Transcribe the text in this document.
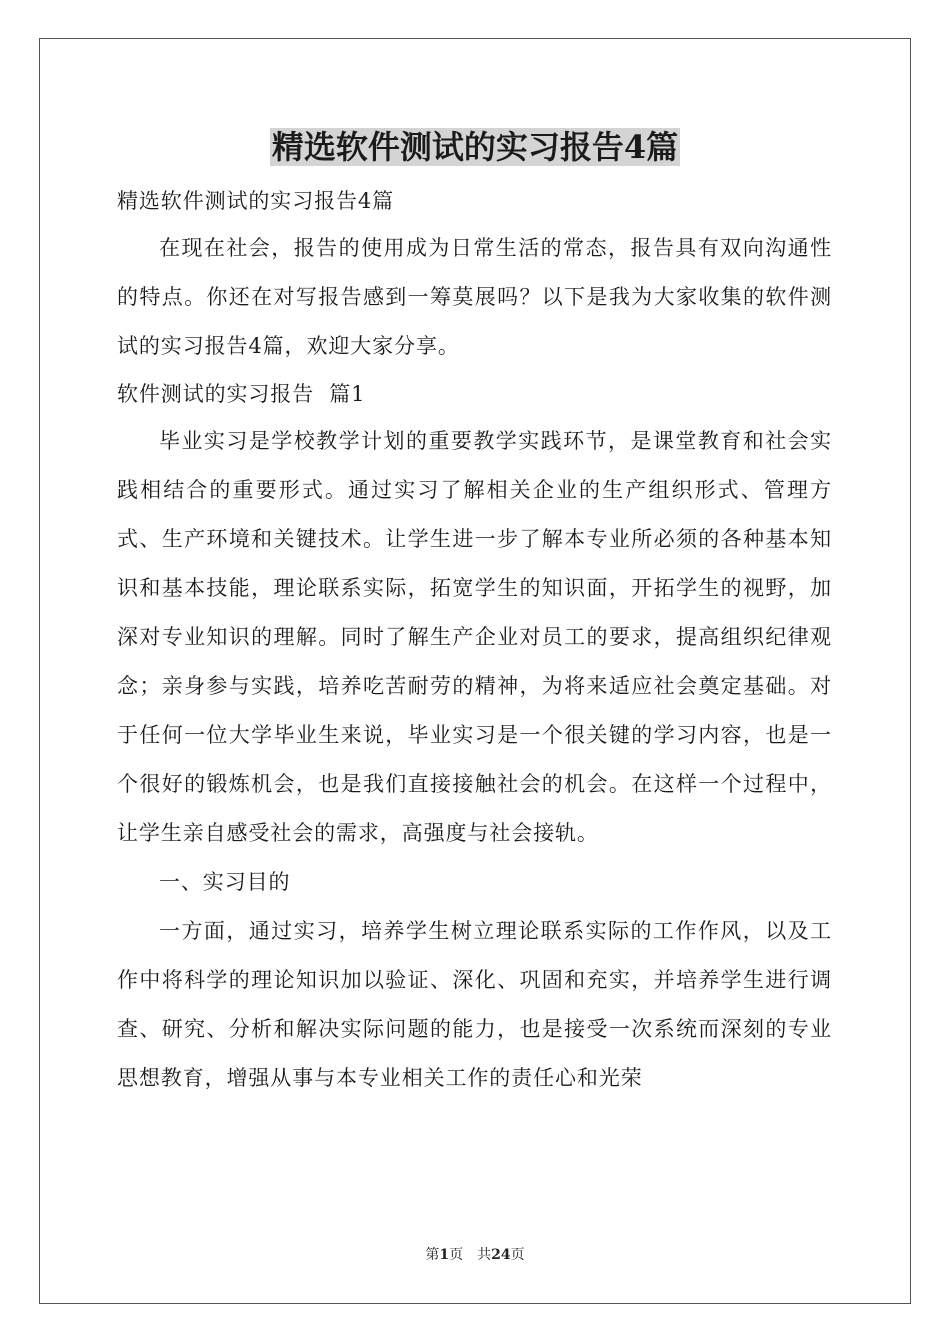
精选软件测试的实习报告4篇

精选软件测试的实习报告4篇

在现在社会，报告的使用成为日常生活的常态，报告具有双向沟通性的特点。你还在对写报告感到一筹莫展吗？以下是我为大家收集的软件测试的实习报告4篇，欢迎大家分享。

软件测试的实习报告  篇1

毕业实习是学校教学计划的重要教学实践环节，是课堂教育和社会实践相结合的重要形式。通过实习了解相关企业的生产组织形式、管理方式、生产环境和关键技术。让学生进一步了解本专业所必须的各种基本知识和基本技能，理论联系实际，拓宽学生的知识面，开拓学生的视野，加深对专业知识的理解。同时了解生产企业对员工的要求，提高组织纪律观念；亲身参与实践，培养吃苦耐劳的精神，为将来适应社会奠定基础。对于任何一位大学毕业生来说，毕业实习是一个很关键的学习内容，也是一个很好的锻炼机会，也是我们直接接触社会的机会。在这样一个过程中，让学生亲自感受社会的需求，高强度与社会接轨。

一、实习目的

一方面，通过实习，培养学生树立理论联系实际的工作作风，以及工作中将科学的理论知识加以验证、深化、巩固和充实，并培养学生进行调查、研究、分析和解决实际问题的能力，也是接受一次系统而深刻的专业思想教育，增强从事与本专业相关工作的责任心和光荣

第1页 共24页
